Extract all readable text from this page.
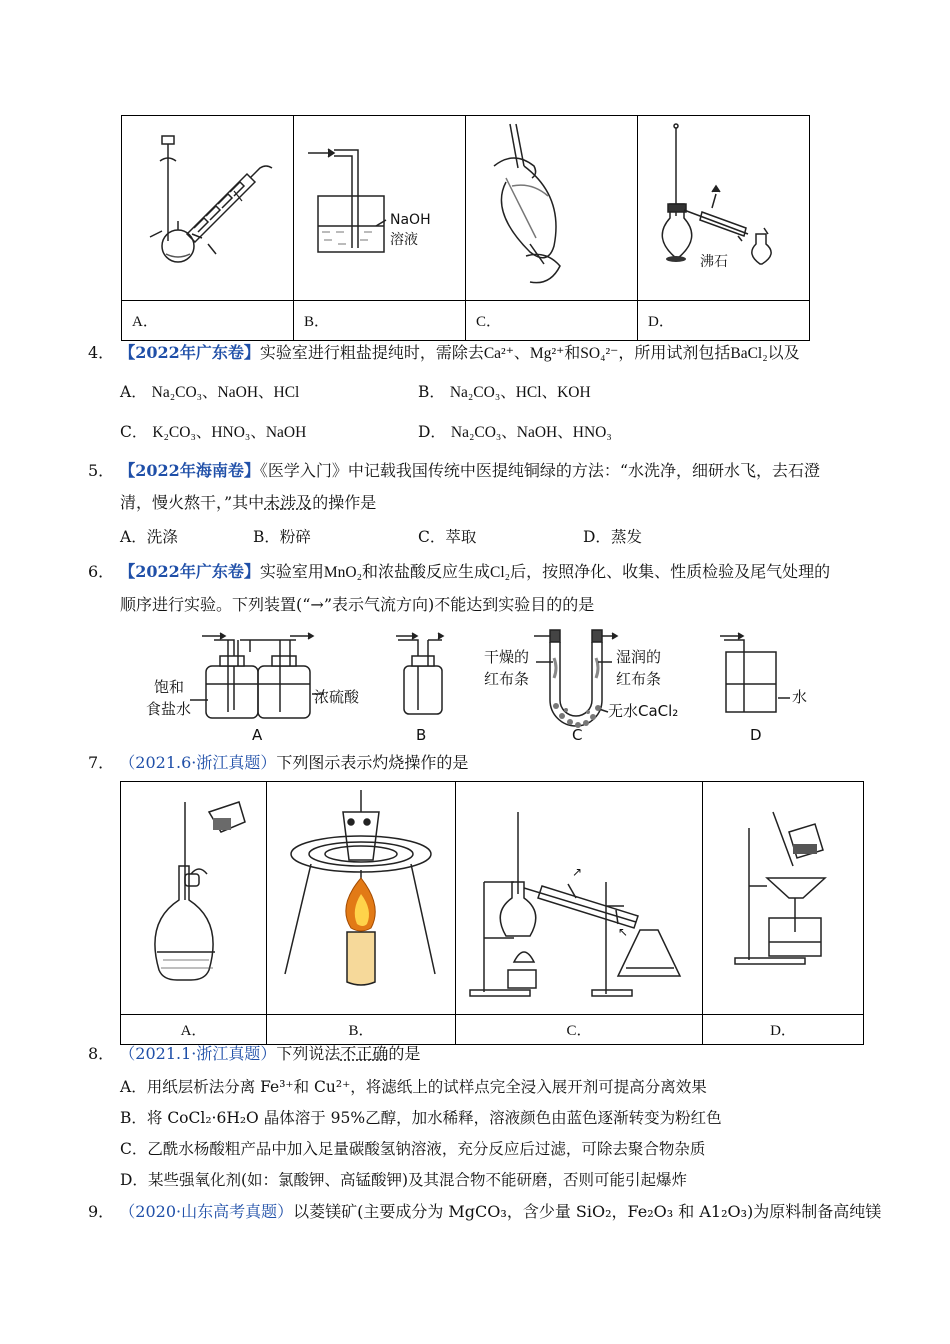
NaOH
溶液		沸石

A．	B．	C．	D．
4． 【2022年广东卷】实验室进行粗盐提纯时，需除去Ca²⁺、Mg²⁺和SO₄²⁻，所用试剂包括BaCl₂以及
A． Na₂CO₃、NaOH、HCl	B． Na₂CO₃、HCl、KOH
C． K₂CO₃、HNO₃、NaOH	D． Na₂CO₃、NaOH、HNO₃
5． 【2022年海南卷】《医学入门》中记载我国传统中医提纯铜绿的方法：“水洗净，细研水飞，去石澄
清，慢火熬干，”其中未涉及的操作是
A．洗涤	B．粉碎	C．萃取	D．蒸发
6． 【2022年广东卷】实验室用MnO₂和浓盐酸反应生成Cl₂后，按照净化、收集、性质检验及尾气处理的
顺序进行实验。下列装置(“→”表示气流方向)不能达到实验目的的是
饱和
食盐水
浓硫酸
干燥的
红布条
湿润的
红布条
无水CaCl₂
水
A	B	C	D
7． （2021.6·浙江真题）下列图示表示灼烧操作的是

↗
↖

A．	B．	C．	D．
8． （2021.1·浙江真题）下列说法不正确的是
A．用纸层析法分离 Fe³⁺和 Cu²⁺，将滤纸上的试样点完全浸入展开剂可提高分离效果
B．将 CoCl₂·6H₂O 晶体溶于 95%乙醇，加水稀释，溶液颜色由蓝色逐渐转变为粉红色
C．乙酰水杨酸粗产品中加入足量碳酸氢钠溶液，充分反应后过滤，可除去聚合物杂质
D．某些强氧化剂(如：氯酸钾、高锰酸钾)及其混合物不能研磨，否则可能引起爆炸
9． （2020·山东高考真题）以菱镁矿(主要成分为 MgCO₃，含少量 SiO₂，Fe₂O₃ 和 A1₂O₃)为原料制备高纯镁
